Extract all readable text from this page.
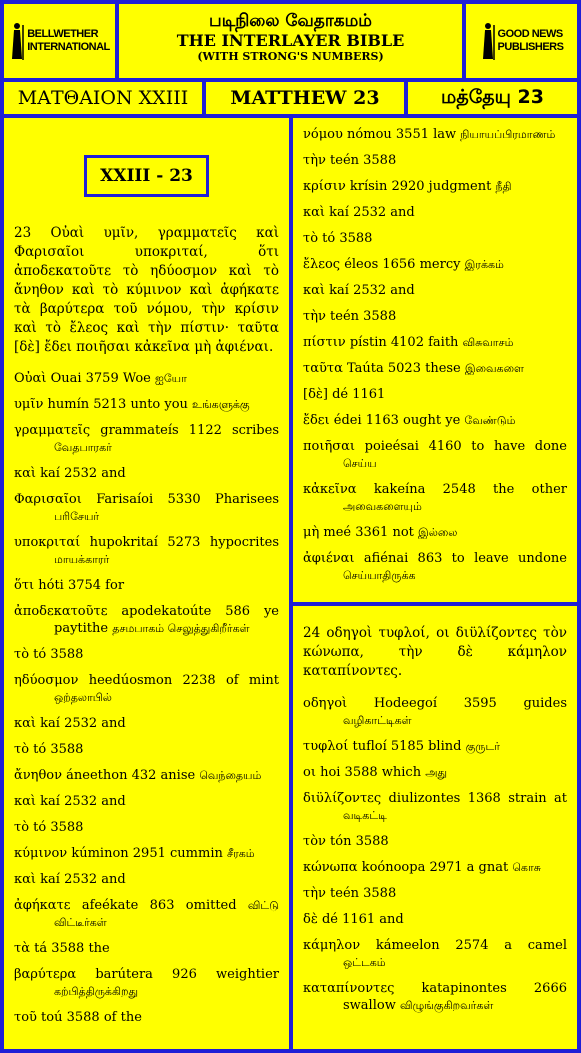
BELLWETHER
INTERNATIONAL
படிநிலை வேதாகமம்
THE INTERLAYER BIBLE
(WITH STRONG'S NUMBERS)
GOOD NEWS
PUBLISHERS
ΜΑΤΘΑΙΟΝ XXIII	MATTHEW 23	மத்தேயு 23
XXIII - 23
23 Οὐαὶ υμῖν, γραμματεῖς καὶ Φαρισαῖοι υποκριταί, ὅτι ἀποδεκατοῦτε τὸ ηδύοσμον καὶ τὸ ἄνηθον καὶ τὸ κύμινον καὶ ἀφήκατε τὰ βαρύτερα τοῦ νόμου, τὴν κρίσιν καὶ τὸ ἔλεος καὶ τὴν πίστιν· ταῦτα [δὲ] ἔδει ποιῆσαι κἀκεῖνα μὴ ἀφιέναι.

Οὐαὶ Ouai 3759 Woe ஐயோ

υμῖν humín 5213 unto you உங்களுக்கு

γραμματεῖς grammateís 1122 scribes வேதபாரகர்

καὶ kaí 2532 and

Φαρισαῖοι Farisaíoi 5330 Pharisees பரிசேயர்

υποκριταί hupokritaí 5273 hypocrites மாயக்காரர்

ὅτι hóti 3754 for

ἀποδεκατοῦτε apodekatoúte 586 ye paytithe தசமபாகம் செலுத்துகிறீர்கள்

τὸ tó 3588

ηδύοσμον heedúosmon 2238 of mint ஒற்தலாபில்

καὶ kaí 2532 and

τὸ tó 3588

ἄνηθον áneethon 432 anise வெந்தையம்

καὶ kaí 2532 and

τὸ tó 3588

κύμινον kúminon 2951 cummin சீரகம்

καὶ kaí 2532 and

ἀφήκατε afeékate 863 omitted விட்டு விட்டீர்கள்

τὰ tá 3588 the

βαρύτερα barútera 926 weightier கற்பித்திருக்கிறது

τοῦ toú 3588 of the

νόμου nómou 3551 law நியாயப்பிரமாணம்

τὴν teén 3588

κρίσιν krísin 2920 judgment நீதி

καὶ kaí 2532 and

τὸ tó 3588

ἔλεος éleos 1656 mercy இரக்கம்

καὶ kaí 2532 and

τὴν teén 3588

πίστιν pístin 4102 faith விசுவாசம்

ταῦτα Taúta 5023 these இவைகளை

[δὲ] dé 1161

ἔδει édei 1163 ought ye வேண்டும்

ποιῆσαι poieésai 4160 to have done செய்ய

κἀκεῖνα kakeína 2548 the other அவைகளையும்

μὴ meé 3361 not இல்லை

ἀφιέναι afiénai 863 to leave undone செய்யாதிருக்க

24 οδηγοὶ τυφλοί, οι διϋλίζοντες τὸν κώνωπα, τὴν δὲ κάμηλον καταπίνοντες.

οδηγοὶ Hodeegoí 3595 guides வழிகாட்டிகள்

τυφλοί tufloí 5185 blind குருடர்

οι hoi 3588 which அது

διϋλίζοντες diulizontes 1368 strain at வடிகட்டி

τὸν tón 3588

κώνωπα koónoopa 2971 a gnat கொசு

τὴν teén 3588

δὲ dé 1161 and

κάμηλον kámeelon 2574 a camel ஒட்டகம்

καταπίνοντες katapinontes 2666 swallow விழுங்குகிறவர்கள்
